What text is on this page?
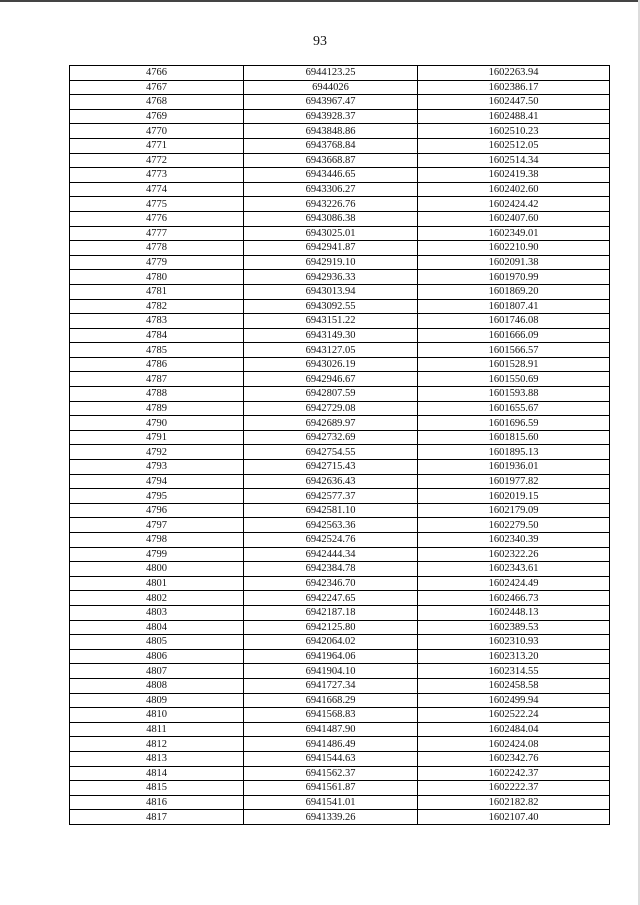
93
4766	6944123.25	1602263.94
4767	6944026	1602386.17
4768	6943967.47	1602447.50
4769	6943928.37	1602488.41
4770	6943848.86	1602510.23
4771	6943768.84	1602512.05
4772	6943668.87	1602514.34
4773	6943446.65	1602419.38
4774	6943306.27	1602402.60
4775	6943226.76	1602424.42
4776	6943086.38	1602407.60
4777	6943025.01	1602349.01
4778	6942941.87	1602210.90
4779	6942919.10	1602091.38
4780	6942936.33	1601970.99
4781	6943013.94	1601869.20
4782	6943092.55	1601807.41
4783	6943151.22	1601746.08
4784	6943149.30	1601666.09
4785	6943127.05	1601566.57
4786	6943026.19	1601528.91
4787	6942946.67	1601550.69
4788	6942807.59	1601593.88
4789	6942729.08	1601655.67
4790	6942689.97	1601696.59
4791	6942732.69	1601815.60
4792	6942754.55	1601895.13
4793	6942715.43	1601936.01
4794	6942636.43	1601977.82
4795	6942577.37	1602019.15
4796	6942581.10	1602179.09
4797	6942563.36	1602279.50
4798	6942524.76	1602340.39
4799	6942444.34	1602322.26
4800	6942384.78	1602343.61
4801	6942346.70	1602424.49
4802	6942247.65	1602466.73
4803	6942187.18	1602448.13
4804	6942125.80	1602389.53
4805	6942064.02	1602310.93
4806	6941964.06	1602313.20
4807	6941904.10	1602314.55
4808	6941727.34	1602458.58
4809	6941668.29	1602499.94
4810	6941568.83	1602522.24
4811	6941487.90	1602484.04
4812	6941486.49	1602424.08
4813	6941544.63	1602342.76
4814	6941562.37	1602242.37
4815	6941561.87	1602222.37
4816	6941541.01	1602182.82
4817	6941339.26	1602107.40
